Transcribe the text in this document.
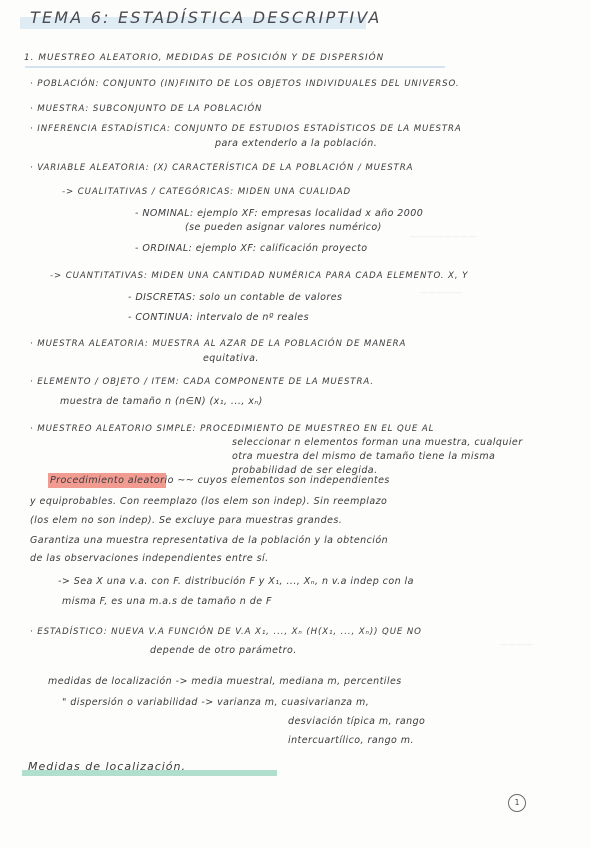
TEMA 6: ESTADÍSTICA DESCRIPTIVA
1. MUESTREO ALEATORIO, MEDIDAS DE POSICIÓN Y DE DISPERSIÓN
————————
—————
————
· POBLACIÓN: CONJUNTO (IN)FINITO DE LOS OBJETOS INDIVIDUALES DEL UNIVERSO.
· MUESTRA: SUBCONJUNTO DE LA POBLACIÓN
· INFERENCIA ESTADÍSTICA: CONJUNTO DE ESTUDIOS ESTADÍSTICOS DE LA MUESTRA
para extenderlo a la población.
· VARIABLE ALEATORIA: (X) CARACTERÍSTICA DE LA POBLACIÓN / MUESTRA
-> CUALITATIVAS / CATEGÓRICAS: MIDEN UNA CUALIDAD
- NOMINAL: ejemplo XF: empresas localidad x año 2000
(se pueden asignar valores numérico)
- ORDINAL: ejemplo XF: calificación proyecto
-> CUANTITATIVAS: MIDEN UNA CANTIDAD NUMÉRICA PARA CADA ELEMENTO. X, Y
- DISCRETAS: solo un contable de valores
- CONTINUA: intervalo de nº reales
· MUESTRA ALEATORIA: MUESTRA AL AZAR DE LA POBLACIÓN DE MANERA
equitativa.
· ELEMENTO / OBJETO / ITEM: CADA COMPONENTE DE LA MUESTRA.
muestra de tamaño n (n∈N) (x₁, ..., xₙ)
· MUESTREO ALEATORIO SIMPLE: PROCEDIMIENTO DE MUESTREO EN EL QUE AL
seleccionar n elementos forman una muestra, cualquier
otra muestra del mismo de tamaño tiene la misma
probabilidad de ser elegida.
Procedimiento aleatorio ~~ cuyos elementos son independientes
y equiprobables. Con reemplazo (los elem son indep). Sin reemplazo
(los elem no son indep). Se excluye para muestras grandes.
Garantiza una muestra representativa de la población y la obtención
de las observaciones independientes entre sí.
-> Sea X una v.a. con F. distribución F y X₁, ..., Xₙ, n v.a indep con la
misma F, es una m.a.s de tamaño n de F
· ESTADÍSTICO: NUEVA V.A FUNCIÓN DE V.A X₁, ..., Xₙ (H(X₁, ..., Xₙ)) QUE NO
depende de otro parámetro.
medidas de localización -> media muestral, mediana m, percentiles
" dispersión o variabilidad -> varianza m, cuasivarianza m,
desviación típica m, rango
intercuartílico, rango m.
Medidas de localización.
1
